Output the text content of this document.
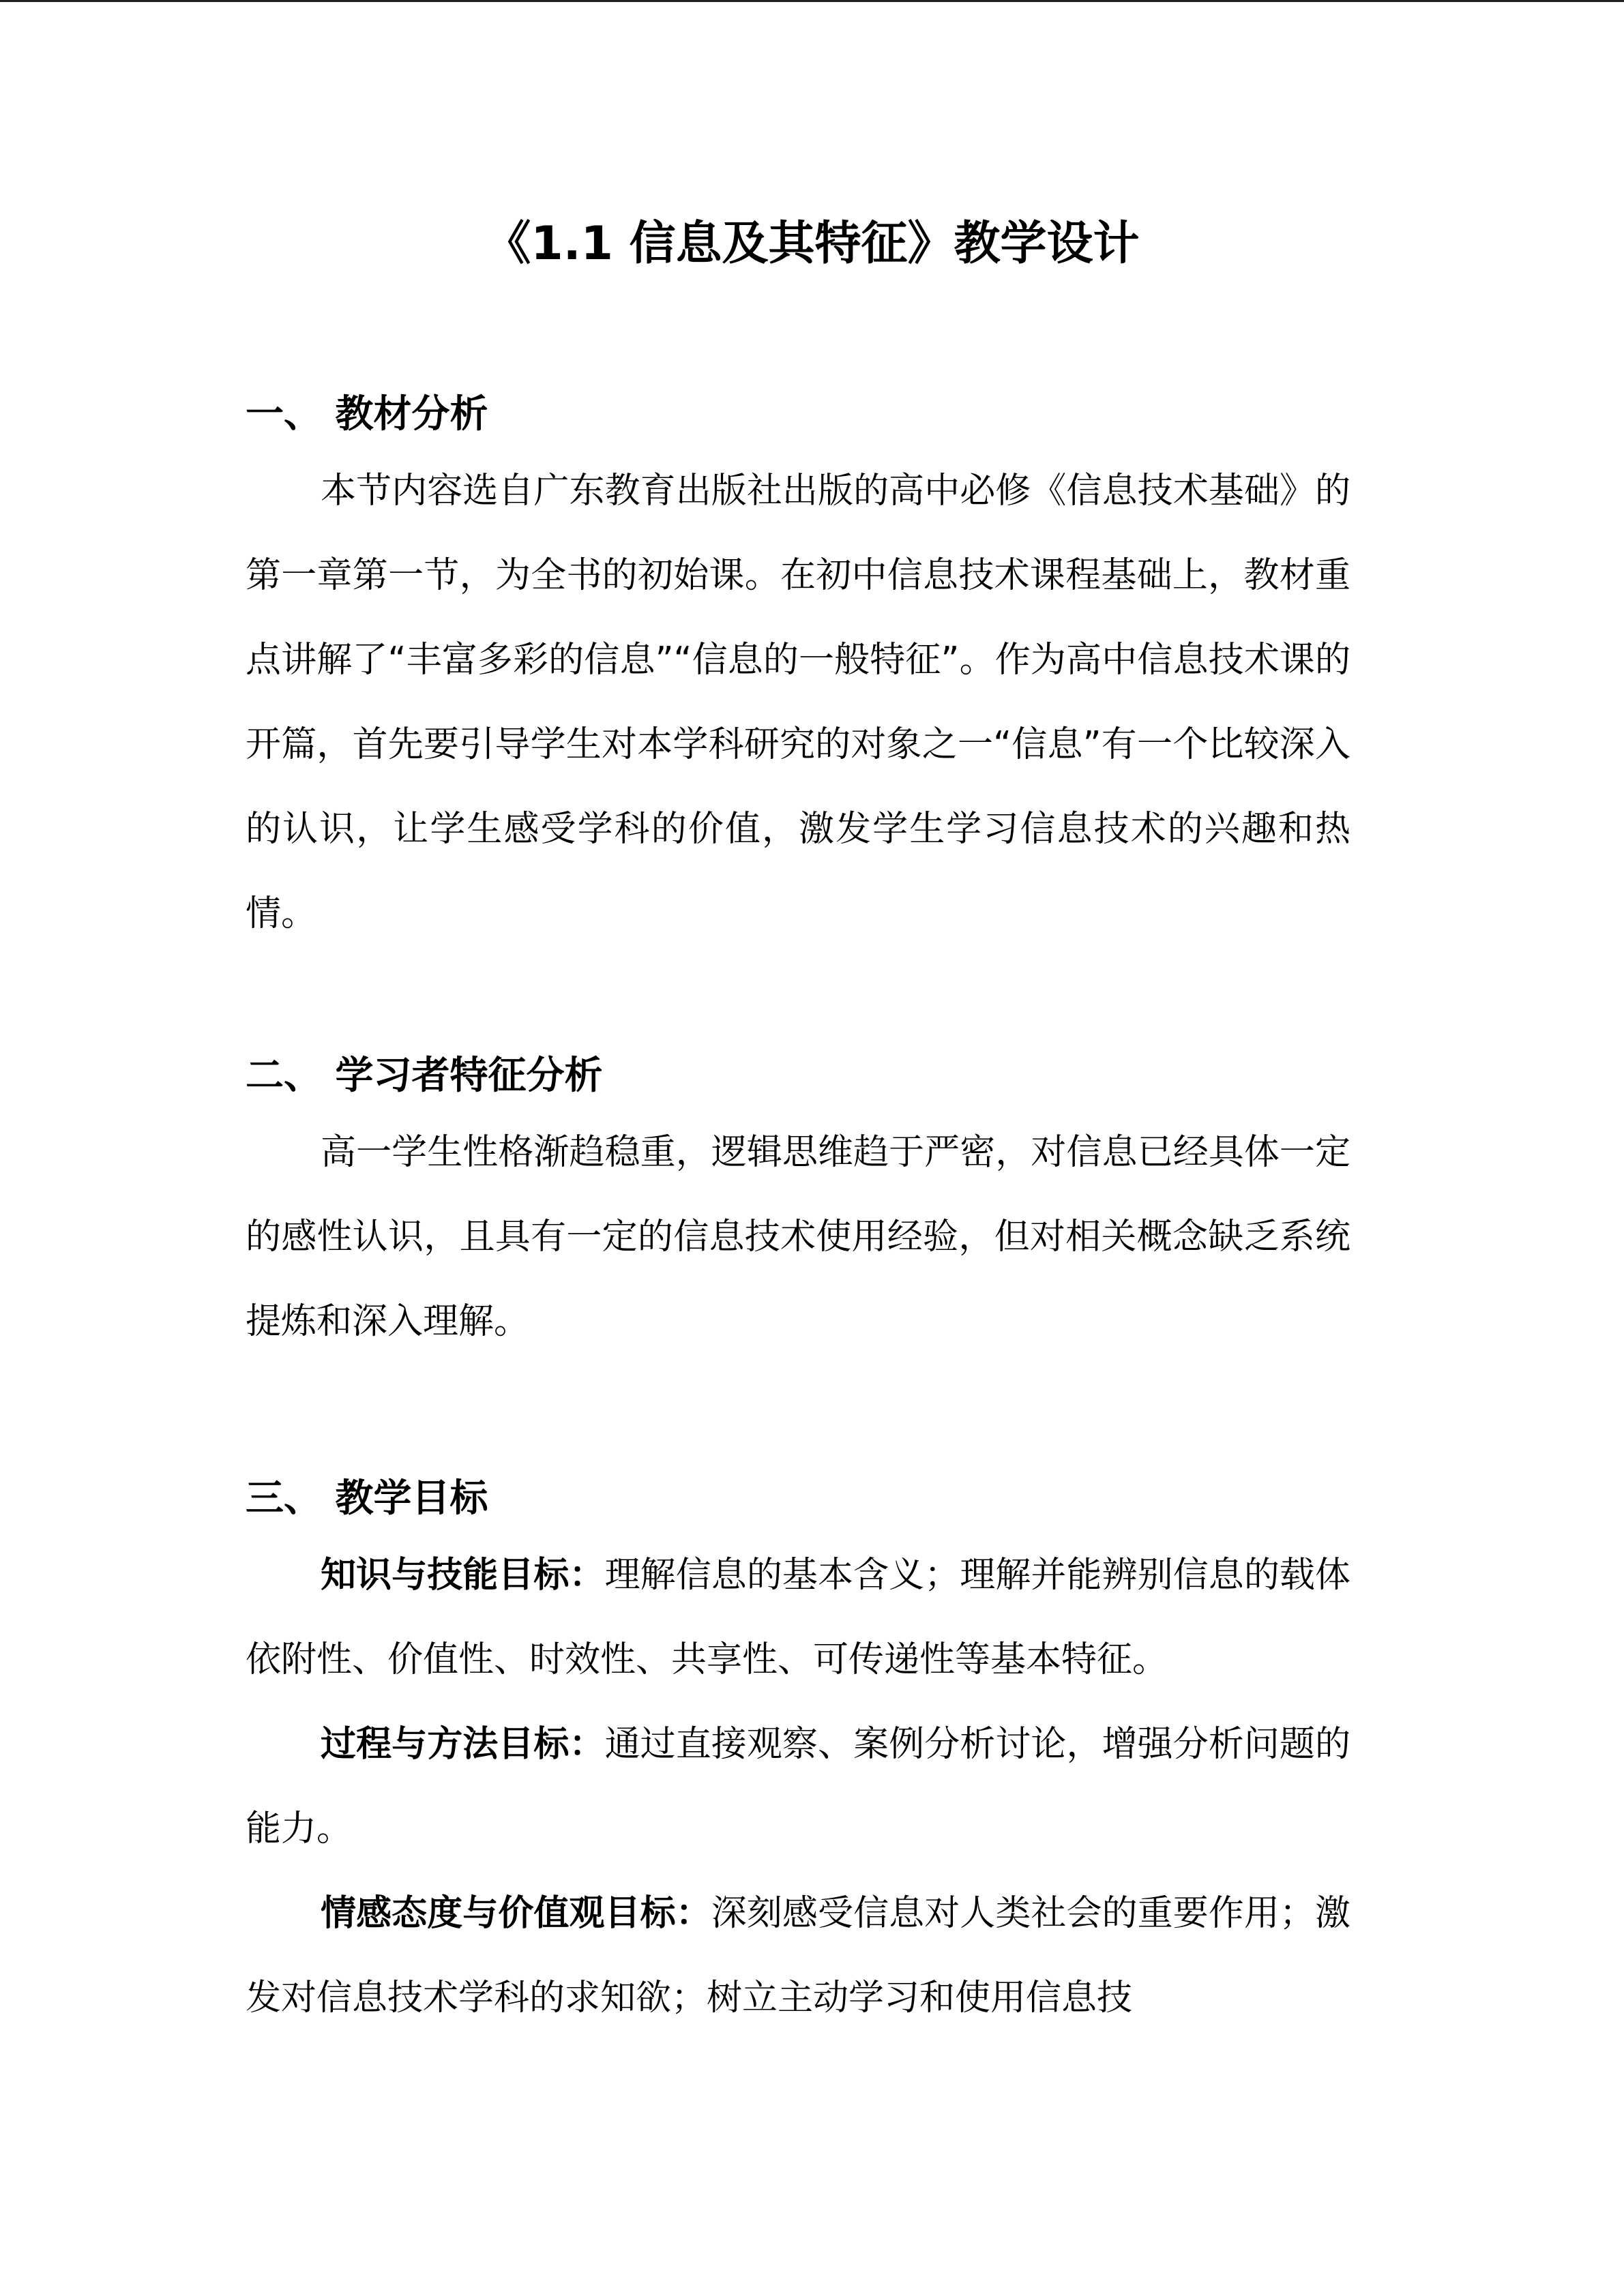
《1.1 信息及其特征》教学设计
一、 教材分析

本节内容选自广东教育出版社出版的高中必修《信息技术基础》的第一章第一节，为全书的初始课。在初中信息技术课程基础上，教材重点讲解了“丰富多彩的信息”“信息的一般特征”。作为高中信息技术课的开篇，首先要引导学生对本学科研究的对象之一“信息”有一个比较深入的认识，让学生感受学科的价值，激发学生学习信息技术的兴趣和热情。

二、 学习者特征分析

高一学生性格渐趋稳重，逻辑思维趋于严密，对信息已经具体一定的感性认识，且具有一定的信息技术使用经验，但对相关概念缺乏系统提炼和深入理解。

三、 教学目标

知识与技能目标：理解信息的基本含义；理解并能辨别信息的载体依附性、价值性、时效性、共享性、可传递性等基本特征。

过程与方法目标：通过直接观察、案例分析讨论，增强分析问题的能力。

情感态度与价值观目标：深刻感受信息对人类社会的重要作用；激发对信息技术学科的求知欲；树立主动学习和使用信息技
